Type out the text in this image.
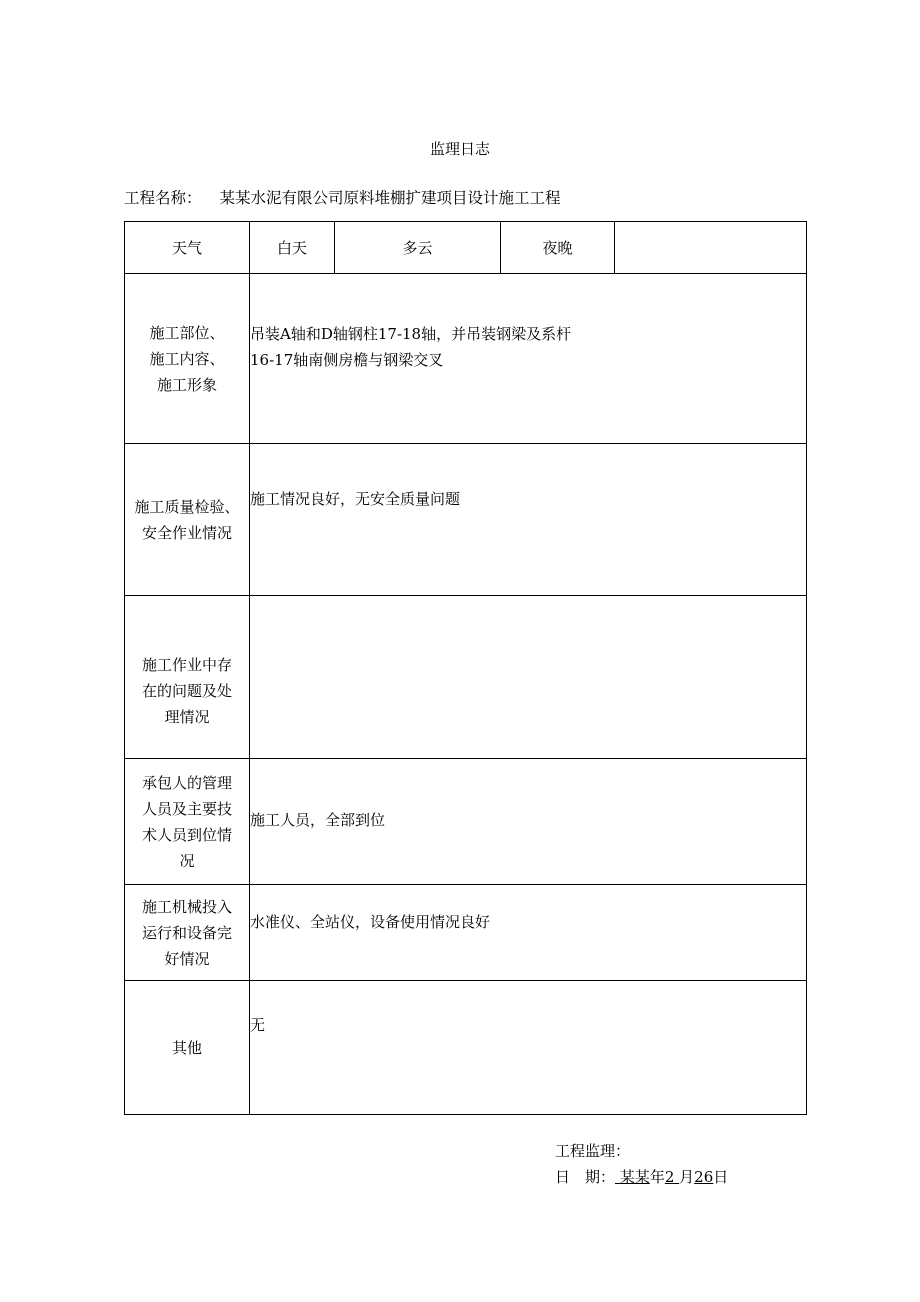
监理日志
工程名称： 某某水泥有限公司原料堆棚扩建项目设计施工工程
天气	白天	多云	夜晚	

施工部位、
施工内容、
施工形象	吊装A轴和D轴钢柱17-18轴，并吊装钢梁及系杆
16-17轴南侧房檐与钢梁交叉			

施工质量检验、
安全作业情况	施工情况良好，无安全质量问题			

施工作业中存
在的问题及处
理情况				

承包人的管理
人员及主要技
术人员到位情
况	施工人员，全部到位			

施工机械投入
运行和设备完
好情况	水准仪、全站仪，设备使用情况良好			

其他	无			
工程监理：
日　期： 某某年2 月26日
